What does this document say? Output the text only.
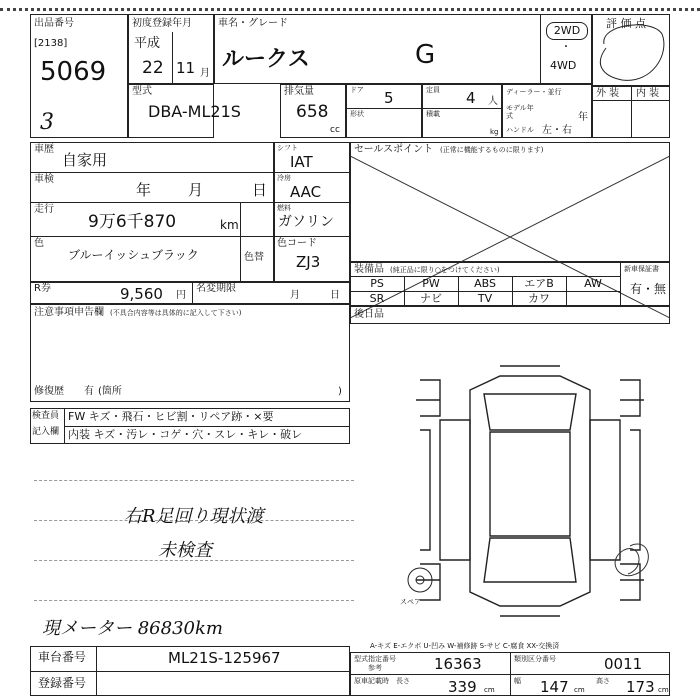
出品番号
[2138]
5069
3
初度登録年月
平成
22 11 月
車名・グレード
ルークス	G
2WD
・
4WD
評 価 点
型式
DBA-ML21S
排気量
658
cc
ドア 5
形状
定員 4 人
積載
kg
ディーラー・並行
モデル年式	年
ハンドル 左・右
外 装 内 装
車歴
自家用
車検
年 月	日
走行
9万6千870	km
色
ブルーイッシュブラック	色替
シフト
IAT
冷房
AAC
燃料
ガソリン
色コード
ZJ3
R券	9,560 円
名変期限
月	日
注意事項申告欄 (不具合内容等は具体的に記入して下さい)
修復歴 有 (箇所	)
検査員
記入欄
FW キズ・飛石・ヒビ割・リペア跡・×要
内装 キズ・汚レ・コゲ・穴・スレ・キレ・破レ
右R足回り現状渡
未検査
現メーター 86830km
セールスポイント (正常に機能するものに限ります)
装備品 (純正品に限り○をつけてください)	新車保証書
有・無
PS	PW	ABS	エアB	AW
SR	ナビ	TV	カワ
後日品
スペア
A-キズ E-エクボ U-凹み W-補修跡 S-サビ C-腐食 XX-交換済
車台番号	ML21S-125967
登録番号
型式指定番号
参考	16363	類別区分番号	0011
原車記載時 長さ	339 cm
幅 147 cm
高さ 173 cm
